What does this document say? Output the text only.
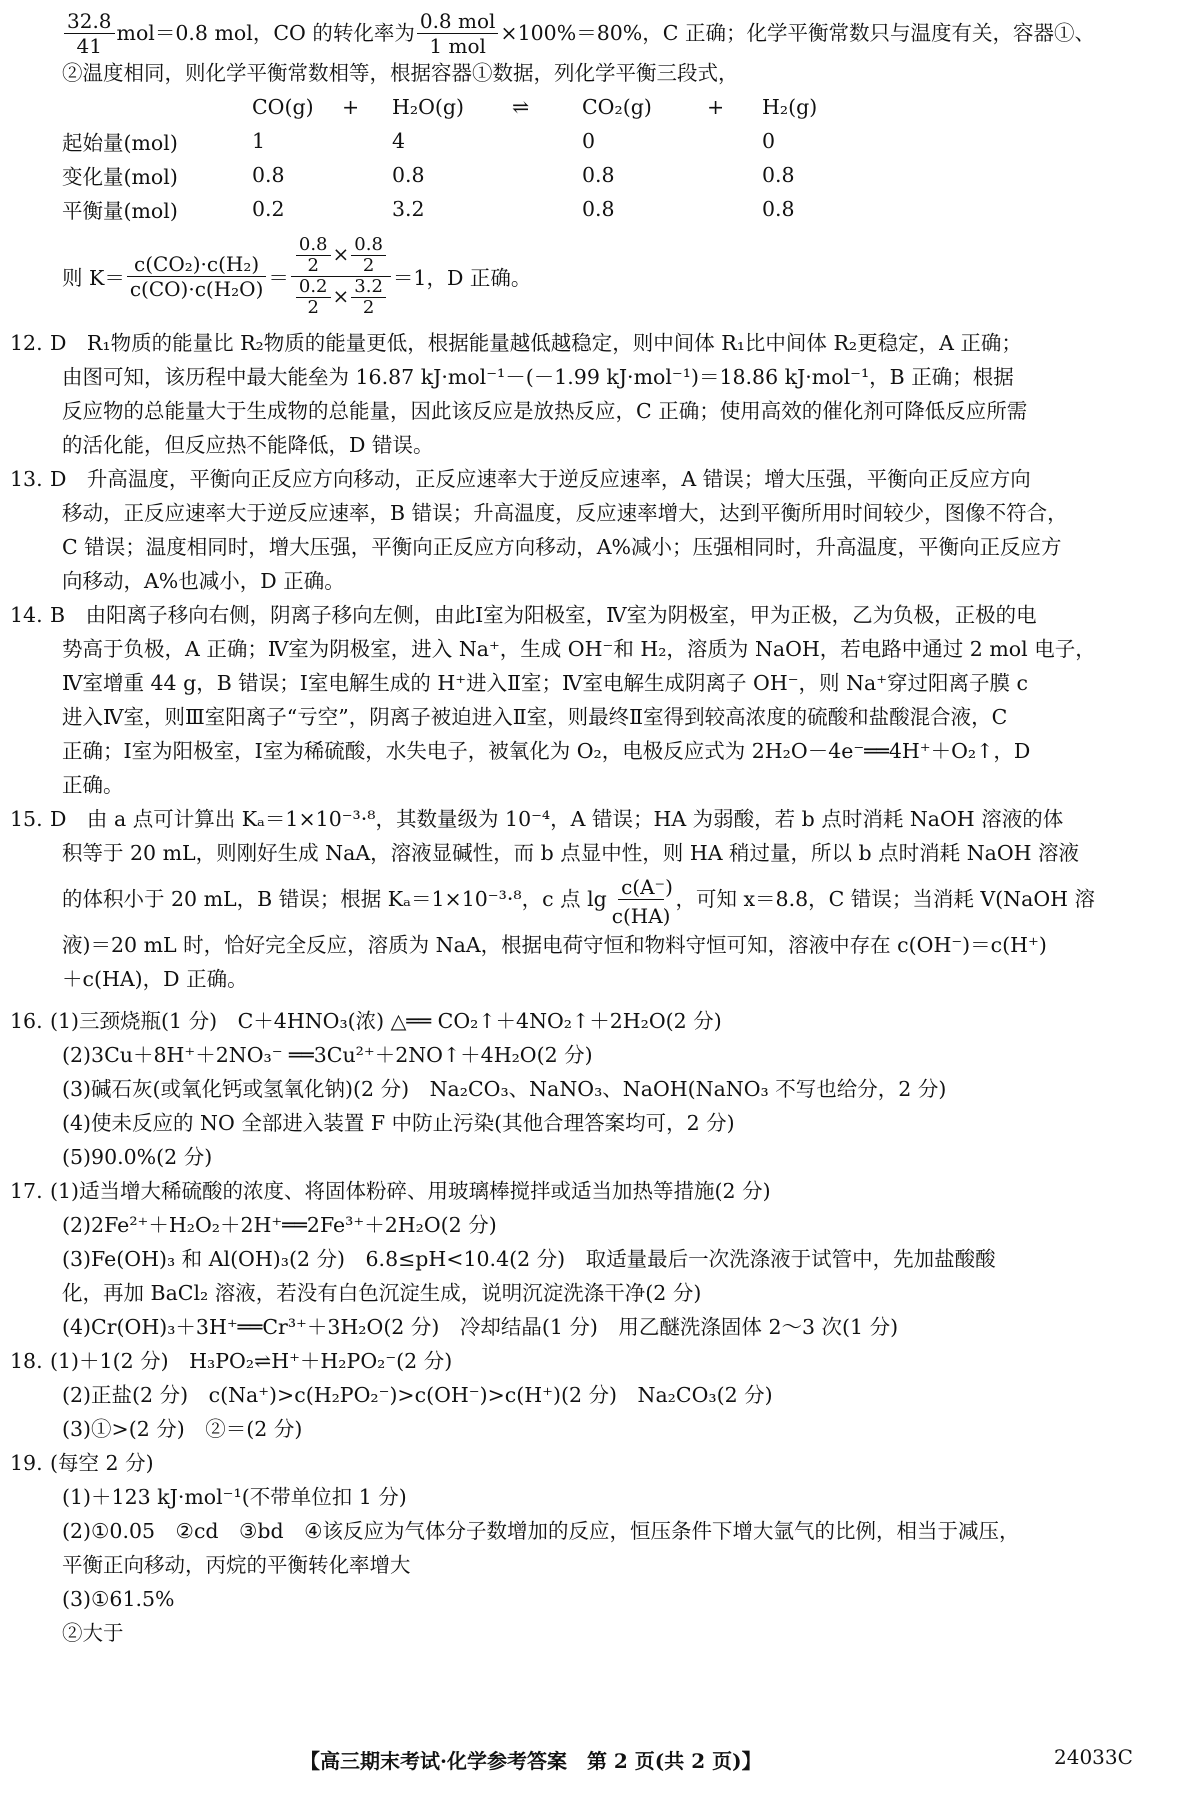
$\frac{32.8}{41} mol=0.8$ mol，CO 的转化率为 $\frac{\text{0.8 mol}}{\text{1 mol}} \times 100\%=80\%$，C 正确；化学平衡常数只与温度有关，容器①、
②温度相同，则化学平衡常数相等，根据容器①数据，列化学平衡三段式，
	CO(g)	+	H₂O(g)	⇌	CO₂(g)	+	H₂(g)
起始量(mol)	1		4		0		0
变化量(mol)	0.8		0.8		0.8		0.8
平衡量(mol)	0.2		3.2		0.8		0.8
则 $K= \frac{\text{c(CO₂)·c(H₂)}}{\text{c(CO)·c(H₂O)}} = \frac{\frac{0.8}{2} \times \frac{0.8}{2}}{\frac{0.2}{2} \times \frac{3.2}{2}} =1$，D 正确。
12. D　R₁物质的能量比 R₂物质的能量更低，根据能量越低越稳定，则中间体 R₁比中间体 R₂更稳定，A 正确；
由图可知，该历程中最大能垒为 16.87 kJ·mol⁻¹－(－1.99 kJ·mol⁻¹)＝18.86 kJ·mol⁻¹，B 正确；根据
反应物的总能量大于生成物的总能量，因此该反应是放热反应，C 正确；使用高效的催化剂可降低反应所需
的活化能，但反应热不能降低，D 错误。
13. D　升高温度，平衡向正反应方向移动，正反应速率大于逆反应速率，A 错误；增大压强，平衡向正反应方向
移动，正反应速率大于逆反应速率，B 错误；升高温度，反应速率增大，达到平衡所用时间较少，图像不符合，
C 错误；温度相同时，增大压强，平衡向正反应方向移动，A%减小；压强相同时，升高温度，平衡向正反应方
向移动，A%也减小，D 正确。
14. B　由阳离子移向右侧，阴离子移向左侧，由此Ⅰ室为阳极室，Ⅳ室为阴极室，甲为正极，乙为负极，正极的电
势高于负极，A 正确；Ⅳ室为阴极室，进入 Na⁺，生成 OH⁻和 H₂，溶质为 NaOH，若电路中通过 2 mol 电子，
Ⅳ室增重 44 g，B 错误；Ⅰ室电解生成的 H⁺进入Ⅱ室；Ⅳ室电解生成阴离子 OH⁻，则 Na⁺穿过阳离子膜 c
进入Ⅳ室，则Ⅲ室阳离子“亏空”，阴离子被迫进入Ⅱ室，则最终Ⅱ室得到较高浓度的硫酸和盐酸混合液，C
正确；Ⅰ室为阳极室，Ⅰ室为稀硫酸，水失电子，被氧化为 O₂，电极反应式为 2H₂O－4e⁻══4H⁺＋O₂↑，D
正确。
15. D　由 a 点可计算出 Kₐ＝1×10⁻³·⁸，其数量级为 10⁻⁴，A 错误；HA 为弱酸，若 b 点时消耗 NaOH 溶液的体
积等于 20 mL，则刚好生成 NaA，溶液显碱性，而 b 点显中性，则 HA 稍过量，所以 b 点时消耗 NaOH 溶液
的体积小于 20 mL，B 错误；根据 Kₐ＝1×10⁻³·⁸，c 点 $\lg \frac{c(A^-)}{c(HA)}$ ，可知 x＝8.8，C 错误；当消耗 V(NaOH 溶
液)＝20 mL 时，恰好完全反应，溶质为 NaA，根据电荷守恒和物料守恒可知，溶液中存在 c(OH⁻)＝c(H⁺)
＋c(HA)，D 正确。
16. (1)三颈烧瓶(1 分)　C＋4HNO₃(浓) △══ CO₂↑＋4NO₂↑＋2H₂O(2 分)
(2)3Cu＋8H⁺＋2NO₃⁻ ══3Cu²⁺＋2NO↑＋4H₂O(2 分)
(3)碱石灰(或氧化钙或氢氧化钠)(2 分)　Na₂CO₃、NaNO₃、NaOH(NaNO₃ 不写也给分，2 分)
(4)使未反应的 NO 全部进入装置 F 中防止污染(其他合理答案均可，2 分)
(5)90.0%(2 分)
17. (1)适当增大稀硫酸的浓度、将固体粉碎、用玻璃棒搅拌或适当加热等措施(2 分)
(2)2Fe²⁺＋H₂O₂＋2H⁺══2Fe³⁺＋2H₂O(2 分)
(3)Fe(OH)₃ 和 Al(OH)₃(2 分)　6.8≤pH<10.4(2 分)　取适量最后一次洗涤液于试管中，先加盐酸酸
化，再加 BaCl₂ 溶液，若没有白色沉淀生成，说明沉淀洗涤干净(2 分)
(4)Cr(OH)₃＋3H⁺══Cr³⁺＋3H₂O(2 分)　冷却结晶(1 分)　用乙醚洗涤固体 2～3 次(1 分)
18. (1)＋1(2 分)　H₃PO₂⇌H⁺＋H₂PO₂⁻(2 分)
(2)正盐(2 分)　c(Na⁺)>c(H₂PO₂⁻)>c(OH⁻)>c(H⁺)(2 分)　Na₂CO₃(2 分)
(3)①>(2 分)　②＝(2 分)
19. (每空 2 分)
(1)＋123 kJ·mol⁻¹(不带单位扣 1 分)
(2)①0.05　②cd　③bd　④该反应为气体分子数增加的反应，恒压条件下增大氩气的比例，相当于减压，
平衡正向移动，丙烷的平衡转化率增大
(3)①61.5%
②大于
【高三期末考试·化学参考答案　第 2 页(共 2 页)】	24033C
